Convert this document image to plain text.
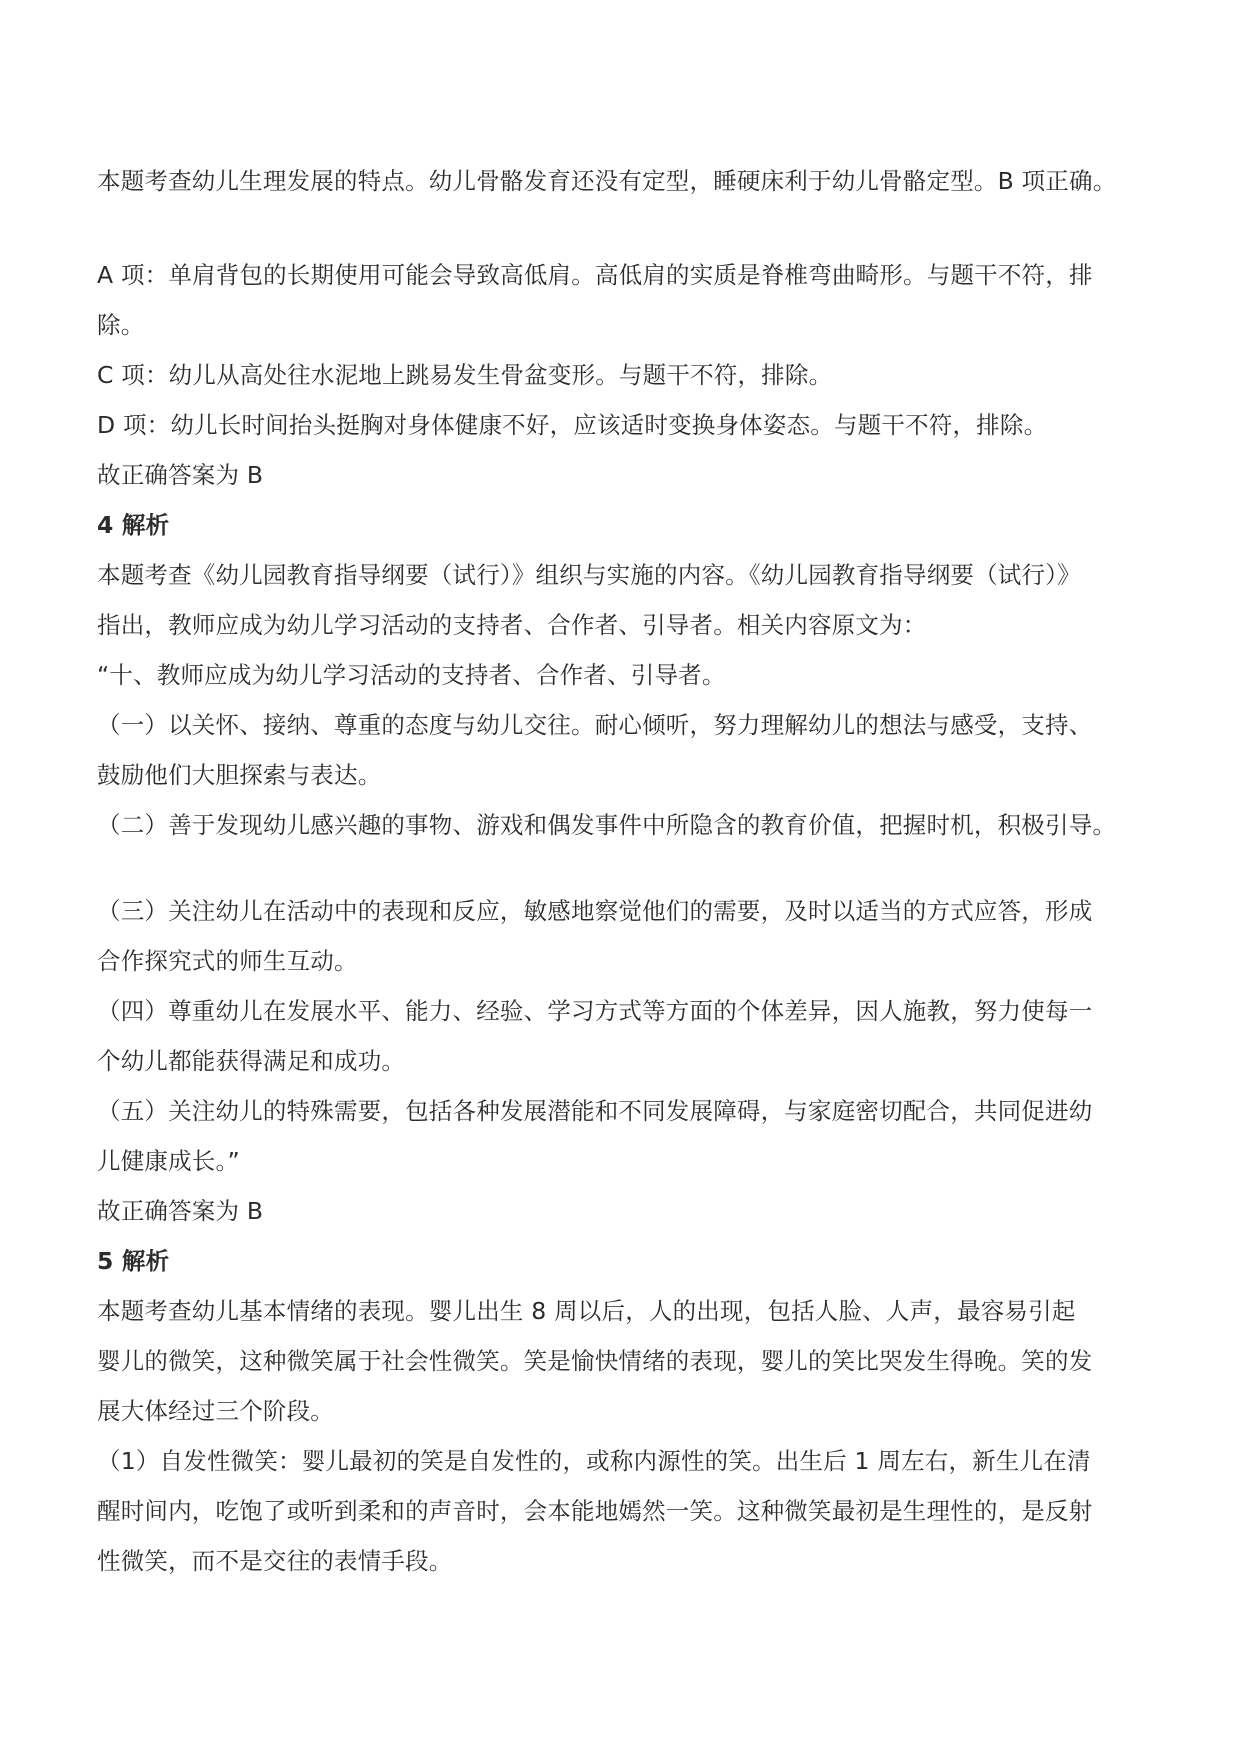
本题考查幼儿生理发展的特点。幼儿骨骼发育还没有定型，睡硬床利于幼儿骨骼定型。B 项正确。
A 项：单肩背包的长期使用可能会导致高低肩。高低肩的实质是脊椎弯曲畸形。与题干不符，排
除。
C 项：幼儿从高处往水泥地上跳易发生骨盆变形。与题干不符，排除。
D 项：幼儿长时间抬头挺胸对身体健康不好，应该适时变换身体姿态。与题干不符，排除。
故正确答案为 B
4 解析
本题考查《幼儿园教育指导纲要（试行）》组织与实施的内容。《幼儿园教育指导纲要（试行）》
指出，教师应成为幼儿学习活动的支持者、合作者、引导者。相关内容原文为：
“十、教师应成为幼儿学习活动的支持者、合作者、引导者。
（一）以关怀、接纳、尊重的态度与幼儿交往。耐心倾听，努力理解幼儿的想法与感受，支持、
鼓励他们大胆探索与表达。
（二）善于发现幼儿感兴趣的事物、游戏和偶发事件中所隐含的教育价值，把握时机，积极引导。
（三）关注幼儿在活动中的表现和反应，敏感地察觉他们的需要，及时以适当的方式应答，形成
合作探究式的师生互动。
（四）尊重幼儿在发展水平、能力、经验、学习方式等方面的个体差异，因人施教，努力使每一
个幼儿都能获得满足和成功。
（五）关注幼儿的特殊需要，包括各种发展潜能和不同发展障碍，与家庭密切配合，共同促进幼
儿健康成长。”
故正确答案为 B
5 解析
本题考查幼儿基本情绪的表现。婴儿出生 8 周以后，人的出现，包括人脸、人声，最容易引起
婴儿的微笑，这种微笑属于社会性微笑。笑是愉快情绪的表现，婴儿的笑比哭发生得晚。笑的发
展大体经过三个阶段。
（1）自发性微笑：婴儿最初的笑是自发性的，或称内源性的笑。出生后 1 周左右，新生儿在清
醒时间内，吃饱了或听到柔和的声音时，会本能地嫣然一笑。这种微笑最初是生理性的，是反射
性微笑，而不是交往的表情手段。
